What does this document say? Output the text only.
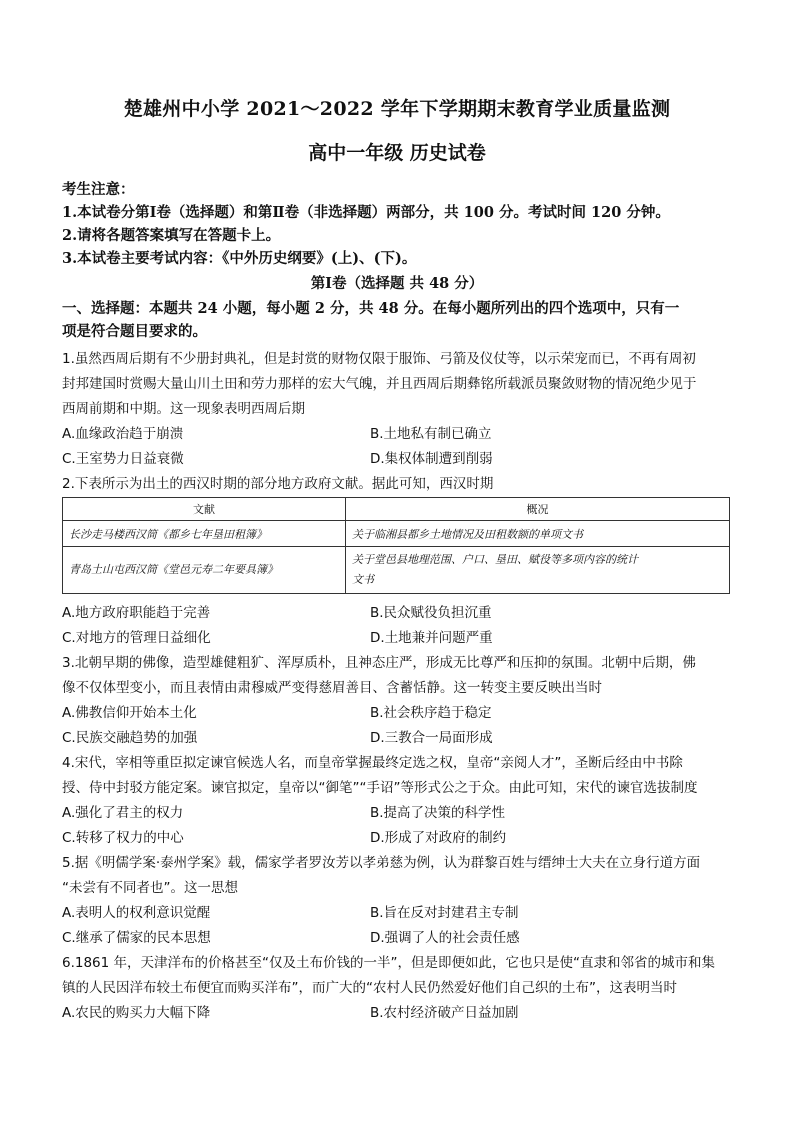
楚雄州中小学 2021～2022 学年下学期期末教育学业质量监测
高中一年级 历史试卷
考生注意：
1.本试卷分第Ⅰ卷（选择题）和第Ⅱ卷（非选择题）两部分，共 100 分。考试时间 120 分钟。
2.请将各题答案填写在答题卡上。
3.本试卷主要考试内容：《中外历史纲要》(上)、(下)。
第Ⅰ卷（选择题 共 48 分）
一、选择题：本题共 24 小题，每小题 2 分，共 48 分。在每小题所列出的四个选项中，只有一
项是符合题目要求的。
1.虽然西周后期有不少册封典礼，但是封赏的财物仅限于服饰、弓箭及仪仗等，以示荣宠而已，不再有周初
封邦建国时赏赐大量山川土田和劳力那样的宏大气魄，并且西周后期彝铭所载派员聚敛财物的情况绝少见于
西周前期和中期。这一现象表明西周后期
A.血缘政治趋于崩溃	B.土地私有制已确立
C.王室势力日益衰微	D.集权体制遭到削弱
2.下表所示为出土的西汉时期的部分地方政府文献。据此可知，西汉时期
文献	概况
长沙走马楼西汉简《都乡七年垦田租簿》	关于临湘县都乡土地情况及田租数额的单项文书
青岛土山屯西汉简《堂邑元寿二年要具簿》	关于堂邑县地理范围、户口、垦田、赋役等多项内容的统计
文书
A.地方政府职能趋于完善	B.民众赋役负担沉重
C.对地方的管理日益细化	D.土地兼并问题严重
3.北朝早期的佛像，造型雄健粗犷、浑厚质朴，且神态庄严，形成无比尊严和压抑的氛围。北朝中后期，佛
像不仅体型变小，而且表情由肃穆威严变得慈眉善目、含蓄恬静。这一转变主要反映出当时
A.佛教信仰开始本土化	B.社会秩序趋于稳定
C.民族交融趋势的加强	D.三教合一局面形成
4.宋代，宰相等重臣拟定谏官候选人名，而皇帝掌握最终定选之权，皇帝“亲阅人才”，圣断后经由中书除
授、侍中封驳方能定案。谏官拟定，皇帝以“御笔”“手诏”等形式公之于众。由此可知，宋代的谏官选拔制度
A.强化了君主的权力	B.提高了决策的科学性
C.转移了权力的中心	D.形成了对政府的制约
5.据《明儒学案·泰州学案》载，儒家学者罗汝芳以孝弟慈为例，认为群黎百姓与缙绅士大夫在立身行道方面
“未尝有不同者也”。这一思想
A.表明人的权利意识觉醒	B.旨在反对封建君主专制
C.继承了儒家的民本思想	D.强调了人的社会责任感
6.1861 年，天津洋布的价格甚至“仅及土布价钱的一半”，但是即便如此，它也只是使“直隶和邻省的城市和集
镇的人民因洋布较土布便宜而购买洋布”，而广大的“农村人民仍然爱好他们自己织的土布”，这表明当时
A.农民的购买力大幅下降	B.农村经济破产日益加剧
